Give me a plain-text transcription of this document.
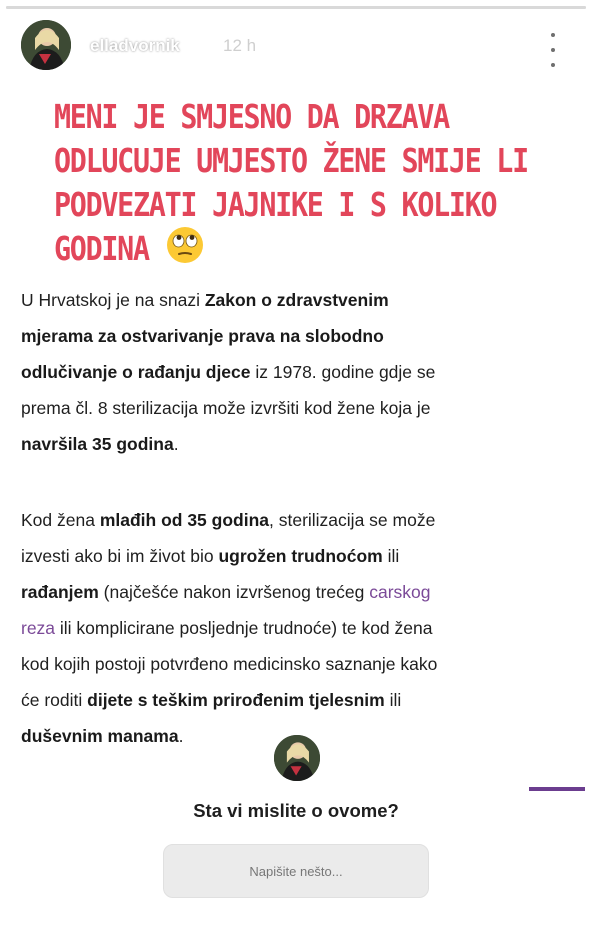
elladvornik	12 h
MENI JE SMJESNO DA DRZAVA
ODLUCUJE UMJESTO ŽENE SMIJE LI
PODVEZATI JAJNIKE I S KOLIKO
GODINA

U Hrvatskoj je na snazi Zakon o zdravstvenim
mjerama za ostvarivanje prava na slobodno
odlučivanje o rađanju djece iz 1978. godine gdje se
prema čl. 8 sterilizacija može izvršiti kod žene koja je
navršila 35 godina.

Kod žena mlađih od 35 godina, sterilizacija se može
izvesti ako bi im život bio ugrožen trudnoćom ili
rađanjem (najčešće nakon izvršenog trećeg carskog
reza ili komplicirane posljednje trudnoće) te kod žena
kod kojih postoji potvrđeno medicinsko saznanje kako
će roditi dijete s teškim prirođenim tjelesnim ili
duševnim manama.

Sta vi mislite o ovome?
Napišite nešto...
